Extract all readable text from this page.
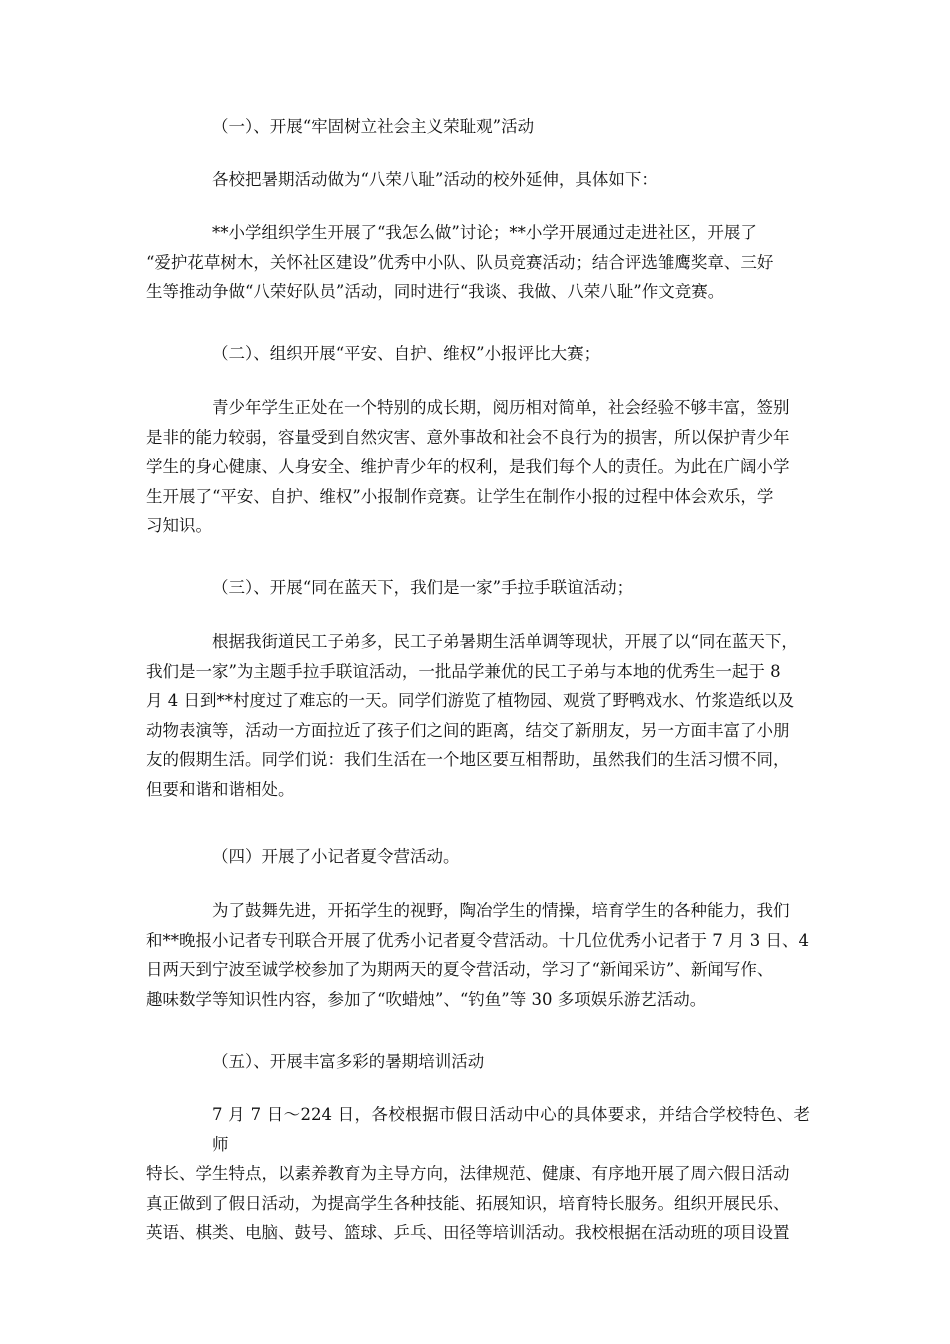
（一）、开展“牢固树立社会主义荣耻观”活动
各校把暑期活动做为“八荣八耻”活动的校外延伸，具体如下：
**小学组织学生开展了“我怎么做”讨论；**小学开展通过走进社区，开展了
“爱护花草树木，关怀社区建设”优秀中小队、队员竞赛活动；结合评选雏鹰奖章、三好
生等推动争做“八荣好队员”活动，同时进行“我谈、我做、八荣八耻”作文竞赛。
（二）、组织开展“平安、自护、维权”小报评比大赛；
青少年学生正处在一个特别的成长期，阅历相对简单，社会经验不够丰富，签别
是非的能力较弱，容量受到自然灾害、意外事故和社会不良行为的损害，所以保护青少年
学生的身心健康、人身安全、维护青少年的权利，是我们每个人的责任。为此在广阔小学
生开展了“平安、自护、维权”小报制作竞赛。让学生在制作小报的过程中体会欢乐，学
习知识。
（三）、开展“同在蓝天下，我们是一家”手拉手联谊活动；
根据我街道民工子弟多，民工子弟暑期生活单调等现状，开展了以“同在蓝天下，
我们是一家”为主题手拉手联谊活动，一批品学兼优的民工子弟与本地的优秀生一起于 8
月 4 日到**村度过了难忘的一天。同学们游览了植物园、观赏了野鸭戏水、竹浆造纸以及
动物表演等，活动一方面拉近了孩子们之间的距离，结交了新朋友，另一方面丰富了小朋
友的假期生活。同学们说：我们生活在一个地区要互相帮助，虽然我们的生活习惯不同，
但要和谐和谐相处。
（四）开展了小记者夏令营活动。
为了鼓舞先进，开拓学生的视野，陶冶学生的情操，培育学生的各种能力，我们
和**晚报小记者专刊联合开展了优秀小记者夏令营活动。十几位优秀小记者于 7 月 3 日、4
日两天到宁波至诚学校参加了为期两天的夏令营活动，学习了“新闻采访”、新闻写作、
趣味数学等知识性内容，参加了“吹蜡烛”、“钓鱼”等 30 多项娱乐游艺活动。
（五）、开展丰富多彩的暑期培训活动
7 月 7 日～224 日，各校根据市假日活动中心的具体要求，并结合学校特色、老师
特长、学生特点，以素养教育为主导方向，法律规范、健康、有序地开展了周六假日活动
真正做到了假日活动，为提高学生各种技能、拓展知识，培育特长服务。组织开展民乐、
英语、棋类、电脑、鼓号、篮球、乒乓、田径等培训活动。我校根据在活动班的项目设置
